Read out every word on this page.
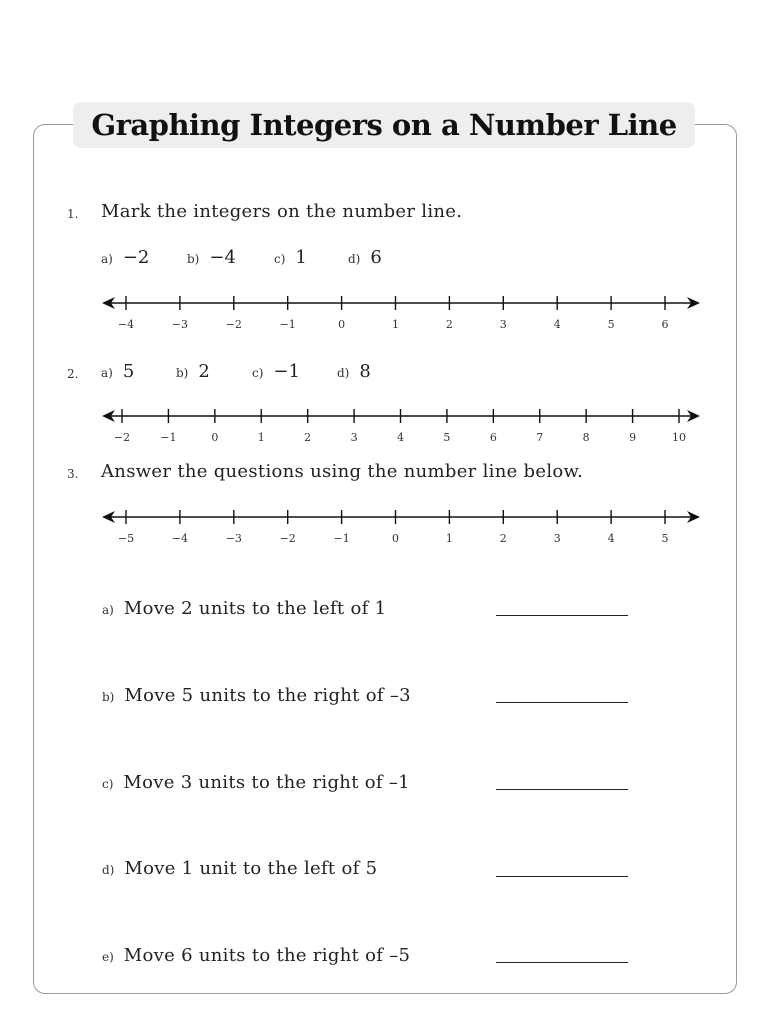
Graphing Integers on a Number Line
1. Mark the integers on the number line.
a) −2	b) −4	c) 1	d) 6
−4	−3	−2	−1	0	1	2	3	4	5	6
2. a) 5	b) 2	c) −1	d) 8
−2	−1	0	1	2	3	4	5	6	7	8	9	10
3. Answer the questions using the number line below.
−5	−4	−3	−2	−1	0	1	2	3	4	5
a) Move 2 units to the left of 1
b) Move 5 units to the right of –3
c) Move 3 units to the right of –1
d) Move 1 unit to the left of 5
e) Move 6 units to the right of –5
